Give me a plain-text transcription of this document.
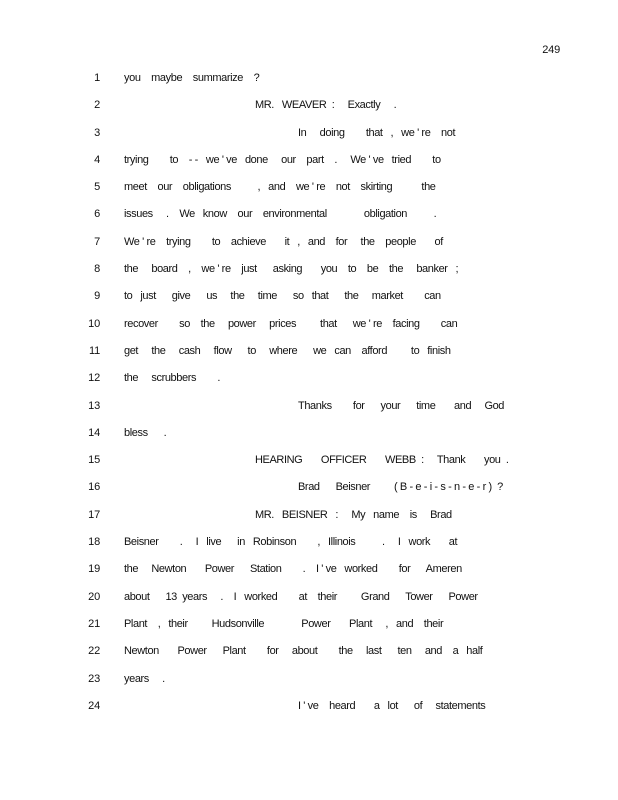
249
1 you    maybe    summarize    ?
2	MR.   WEAVER  :     Exactly     .
3	In     doing        that   ,   we ' re    not
4 trying        to    - -   we ' ve   done     our    part    .     We ' ve   tried        to
5 meet    our    obligations          ,   and    we ' re    not    skirting           the
6 issues     .    We   know    our    environmental              obligation          .
7 We ' re    trying        to    achieve       it   ,   and    for     the    people       of
8 the     board    ,    we ' re    just      asking       you    to    be    the     banker   ;
9 to   just      give      us     the     time      so   that      the     market        can
10 recover        so    the     power     prices         that      we ' re    facing        can
11 get     the     cash     flow      to     where      we   can    afford         to   finish
12 the     scrubbers        .
13	Thanks        for      your      time       and     God
14 bless      .
15	HEARING       OFFICER       WEBB  :     Thank       you  .
16	Brad      Beisner         ( B - e - i - s - n - e - r )  ?
17	MR.   BEISNER   :     My   name    is     Brad
18 Beisner        .     I   live      in   Robinson        ,   Illinois          .     I   work       at
19 the     Newton       Power      Station        .    I ' ve   worked        for      Ameren
20 about      13  years     .    I   worked        at    their         Grand      Tower      Power
21 Plant    ,   their         Hudsonville              Power       Plant     ,   and    their
22 Newton       Power      Plant        for     about        the     last      ten     and    a   half
23 years     .
24	I ' ve    heard       a   lot      of     statements
